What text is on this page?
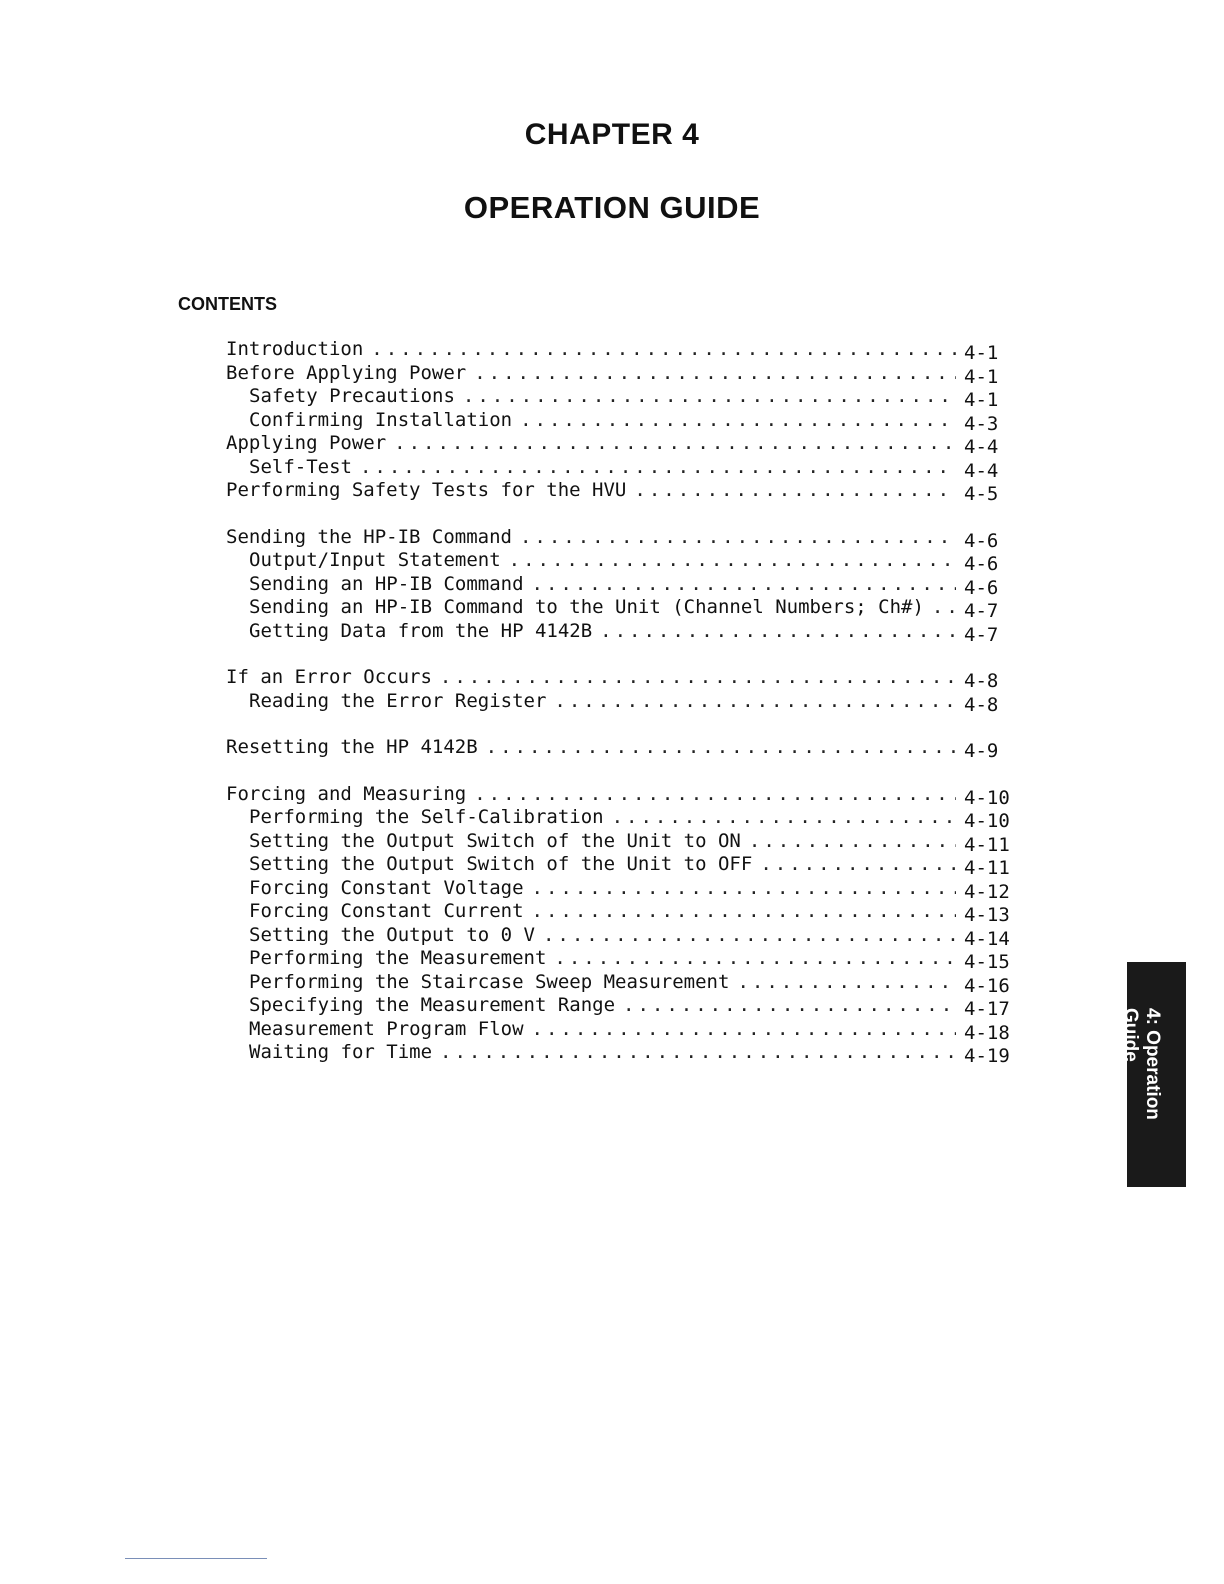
CHAPTER 4
OPERATION GUIDE
CONTENTS
Introduction .....	4-1
Before Applying Power .....	4-1
Safety Precautions .....	4-1
Confirming Installation .....	4-3
Applying Power .....	4-4
Self-Test .....	4-4
Performing Safety Tests for the HVU .....	4-5
Sending the HP-IB Command .....	4-6
Output/Input Statement .....	4-6
Sending an HP-IB Command .....	4-6
Sending an HP-IB Command to the Unit (Channel Numbers; Ch#) ..... 4-7
Getting Data from the HP 4142B .....	4-7
If an Error Occurs .....	4-8
Reading the Error Register .....	4-8
Resetting the HP 4142B .....	4-9
Forcing and Measuring .....	4-10
Performing the Self-Calibration .....	4-10
Setting the Output Switch of the Unit to ON .....	4-11
Setting the Output Switch of the Unit to OFF .....	4-11
Forcing Constant Voltage .....	4-12
Forcing Constant Current .....	4-13
Setting the Output to 0 V .....	4-14
Performing the Measurement .....	4-15
Performing the Staircase Sweep Measurement .....	4-16
Specifying the Measurement Range .....	4-17
Measurement Program Flow .....	4-18
Waiting for Time .....	4-19	4: Operation
Guide
